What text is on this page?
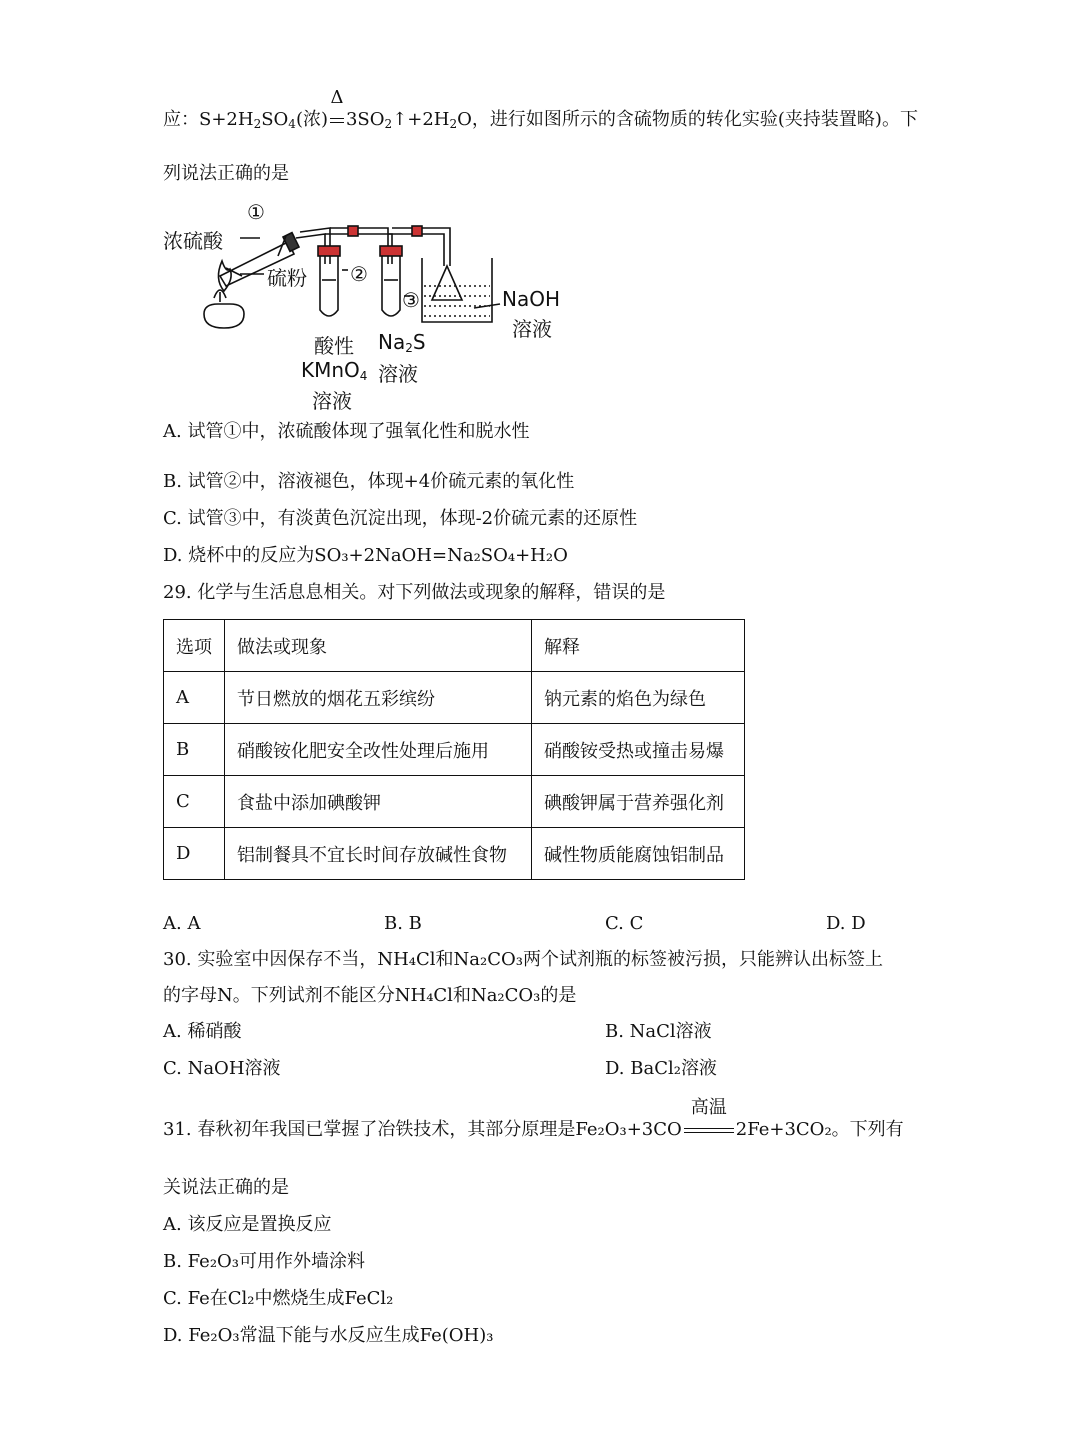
应：$S+2H_2SO_4$(浓)
Δ
$3SO_2↑+2H_2O$，进行如图所示的含硫物质的转化实验(夹持装置略)。下
列说法正确的是
浓硫酸
①
硫粉 ②
③	NaOH
溶液
酸性
KMnO$_4$
溶液
$Na_2S$
溶液
A. 试管①中，浓硫酸体现了强氧化性和脱水性
B. 试管②中，溶液褪色，体现+4价硫元素的氧化性
C. 试管③中，有淡黄色沉淀出现，体现-2价硫元素的还原性
D. 烧杯中的反应为SO₃+2NaOH=Na₂SO₄+H₂O
29. 化学与生活息息相关。对下列做法或现象的解释，错误的是
选项	做法或现象	解释
A	节日燃放的烟花五彩缤纷	钠元素的焰色为绿色
B	硝酸铵化肥安全改性处理后施用	硝酸铵受热或撞击易爆
C	食盐中添加碘酸钾	碘酸钾属于营养强化剂
D	铝制餐具不宜长时间存放碱性食物	碱性物质能腐蚀铝制品
A. A	B. B	C. C	D. D
30. 实验室中因保存不当，NH₄Cl和Na₂CO₃两个试剂瓶的标签被污损，只能辨认出标签上
的字母N。下列试剂不能区分NH₄Cl和Na₂CO₃的是
A. 稀硝酸	B. NaCl溶液
C. NaOH溶液	D. BaCl₂溶液
31. 春秋初年我国已掌握了冶铁技术，其部分原理是Fe₂O₃+3CO
高温
2Fe+3CO₂。下列有
关说法正确的是
A. 该反应是置换反应
B. Fe₂O₃可用作外墙涂料
C. Fe在Cl₂中燃烧生成FeCl₂
D. Fe₂O₃常温下能与水反应生成Fe(OH)₃
